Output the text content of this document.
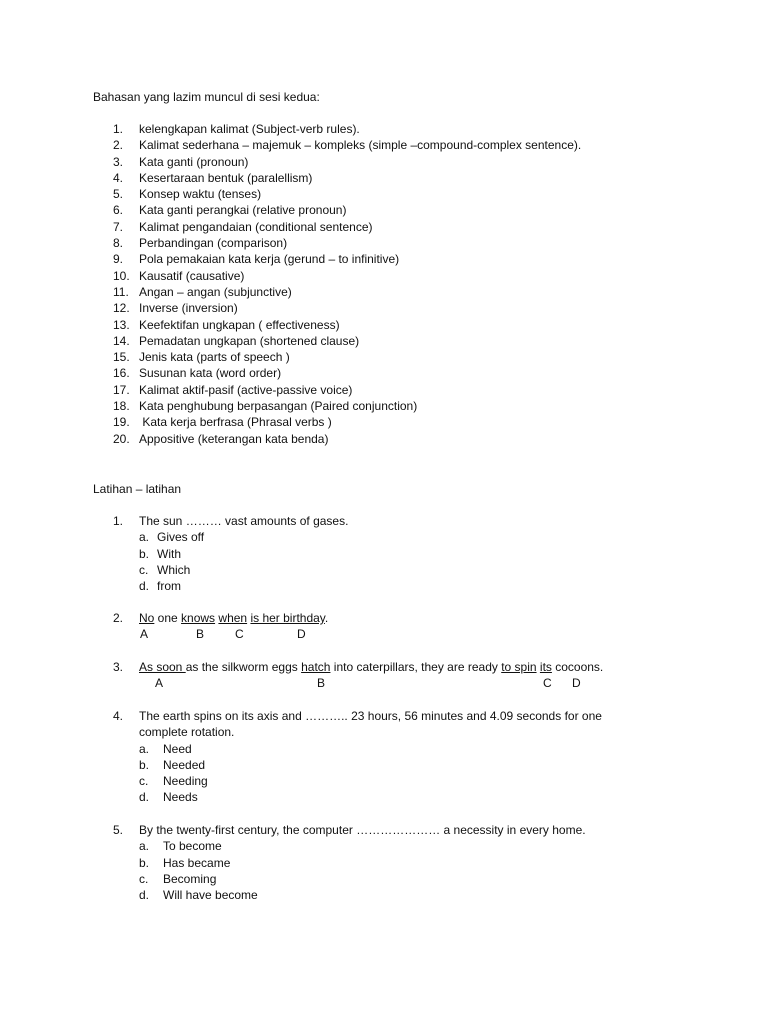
Bahasan yang lazim muncul di sesi kedua:
1. kelengkapan kalimat (Subject-verb rules).
2. Kalimat sederhana – majemuk – kompleks (simple –compound-complex sentence).
3. Kata ganti (pronoun)
4. Kesertaraan bentuk (paralellism)
5. Konsep waktu (tenses)
6. Kata ganti perangkai (relative pronoun)
7. Kalimat pengandaian (conditional sentence)
8. Perbandingan (comparison)
9. Pola pemakaian kata kerja (gerund – to infinitive)
10. Kausatif (causative)
11. Angan – angan (subjunctive)
12. Inverse (inversion)
13. Keefektifan ungkapan ( effectiveness)
14. Pemadatan ungkapan (shortened clause)
15. Jenis kata (parts of speech )
16. Susunan kata (word order)
17. Kalimat aktif-pasif (active-passive voice)
18. Kata penghubung berpasangan (Paired conjunction)
19. Kata kerja berfrasa (Phrasal verbs )
20. Appositive (keterangan kata benda)
Latihan – latihan
1.	The sun ……… vast amounts of gases.
a. Gives off
b. With
c. Which
d. from
2.	No one knows when is her birthday.
A	B	C	D
3.	As soon as the silkworm eggs hatch into caterpillars, they are ready to spin its cocoons.
A	B	C D
4.	The earth spins on its axis and ……….. 23 hours, 56 minutes and 4.09 seconds for one
complete rotation.
a. Need
b. Needed
c. Needing
d. Needs
5.	By the twenty-first century, the computer ………………… a necessity in every home.
a. To become
b. Has became
c. Becoming
d. Will have become
